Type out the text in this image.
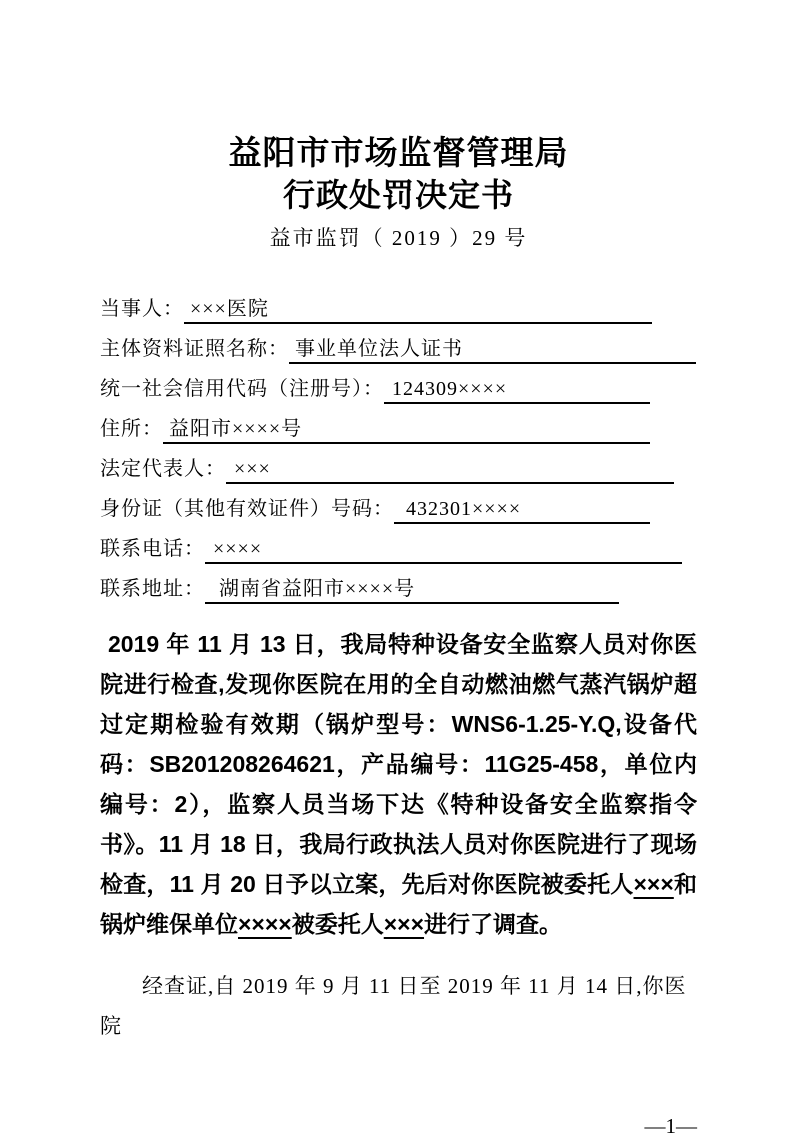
益阳市市场监督管理局
行政处罚决定书
益市监罚（ 2019 ）29 号
当事人： ×××医院
主体资料证照名称： 事业单位法人证书
统一社会信用代码（注册号）： 124309××××
住所： 益阳市××××号
法定代表人： ×××
身份证（其他有效证件）号码： 432301××××
联系电话： ××××
联系地址： 湖南省益阳市××××号
2019 年 11 月 13 日，我局特种设备安全监察人员对你医院进行检查,发现你医院在用的全自动燃油燃气蒸汽锅炉超过定期检验有效期（锅炉型号：WNS6-1.25-Y.Q,设备代码：SB201208264621，产品编号：11G25-458，单位内编号：2），监察人员当场下达《特种设备安全监察指令书》。11 月 18 日，我局行政执法人员对你医院进行了现场检查，11 月 20 日予以立案，先后对你医院被委托人×××和锅炉维保单位××××被委托人×××进行了调查。
经查证,自 2019 年 9 月 11 日至 2019 年 11 月 14 日,你医院
—1—
